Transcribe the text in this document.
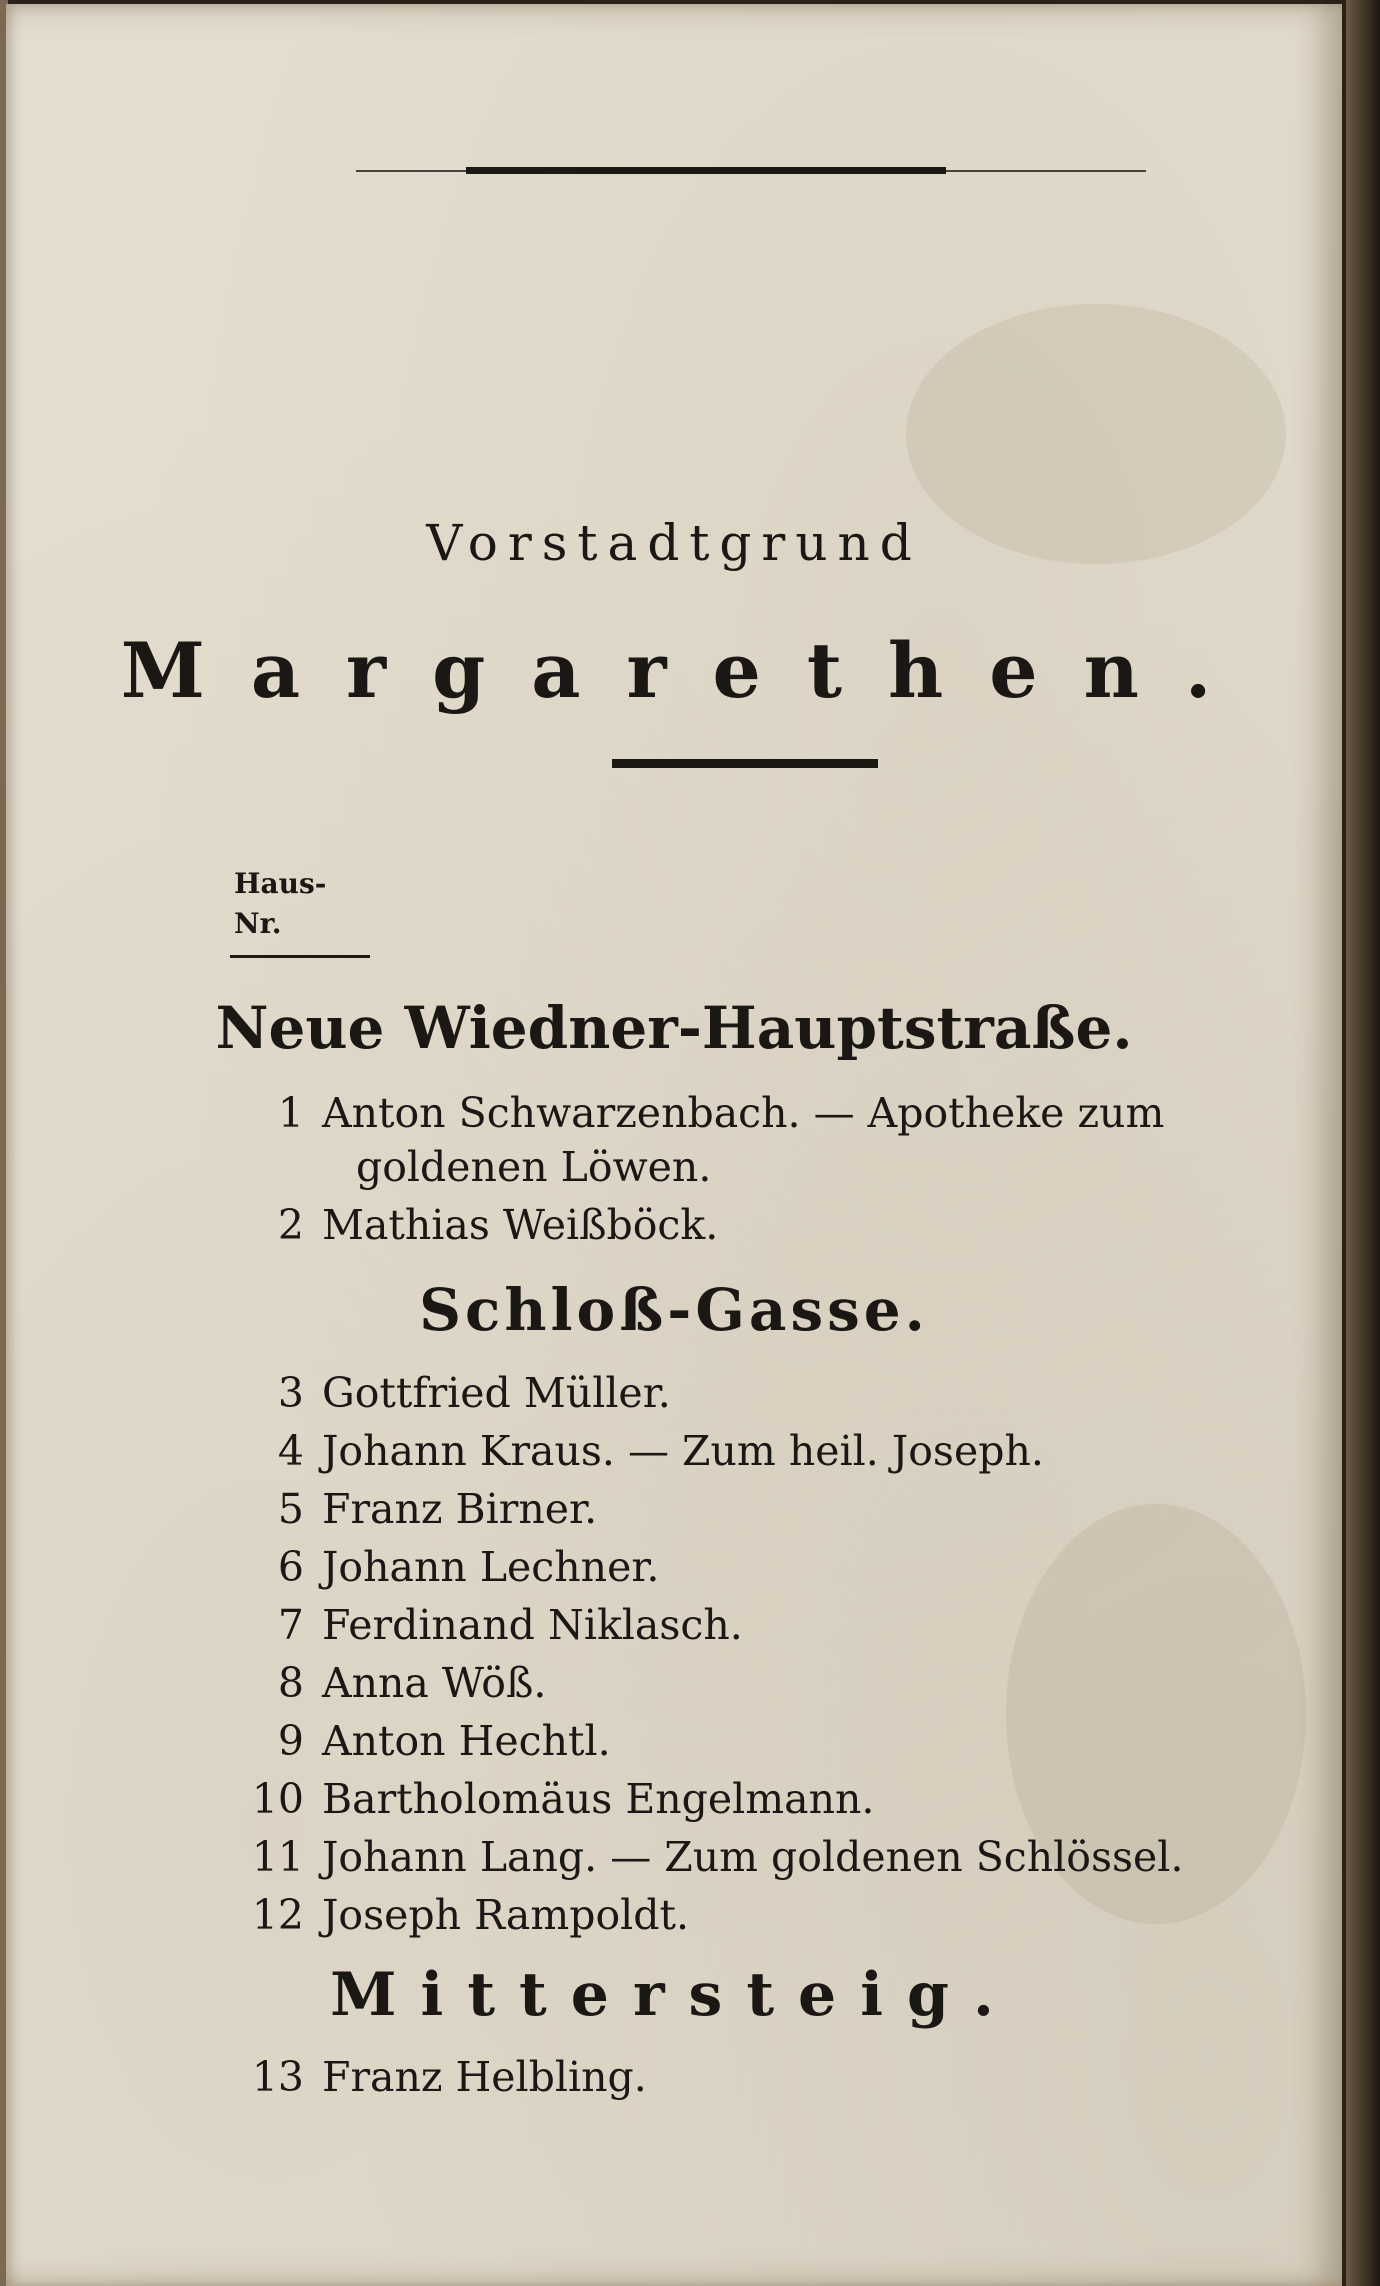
Vorstadtgrund
Margarethen.
Haus-
Nr.
Neue Wiedner-Hauptstraße.
1 Anton Schwarzenbach. — Apotheke zum
goldenen Löwen.
2 Mathias Weißböck.
Schloß-Gasse.
3 Gottfried Müller.
4 Johann Kraus. — Zum heil. Joseph.
5 Franz Birner.
6 Johann Lechner.
7 Ferdinand Niklasch.
8 Anna Wöß.
9 Anton Hechtl.
10 Bartholomäus Engelmann.
11 Johann Lang. — Zum goldenen Schlössel.
12 Joseph Rampoldt.
Mittersteig.
13 Franz Helbling.
